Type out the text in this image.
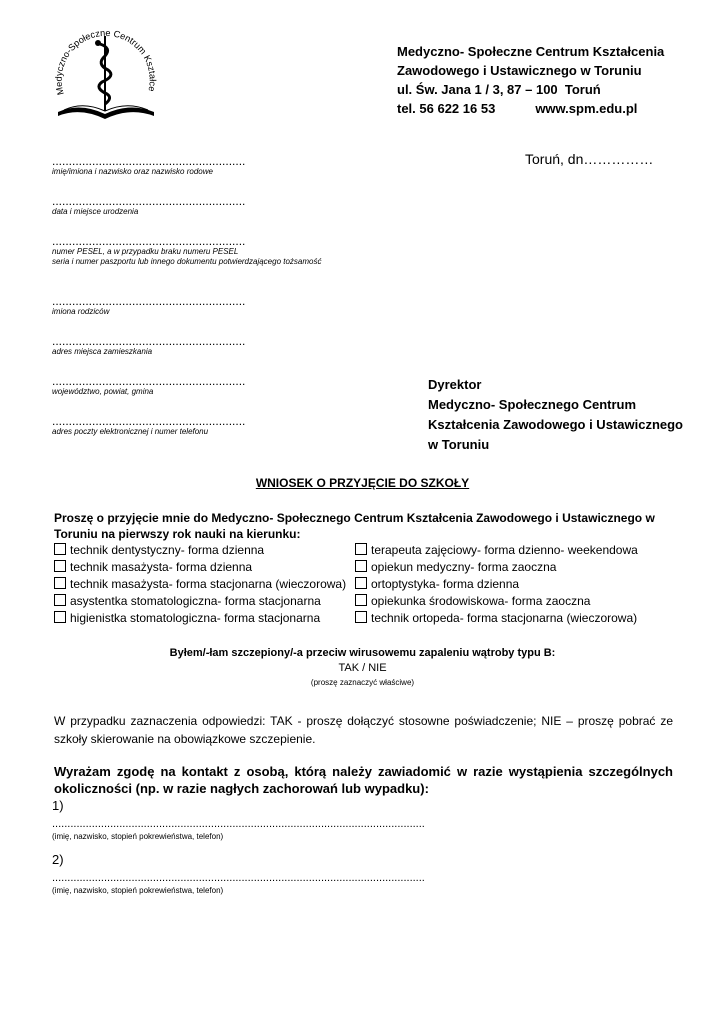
Medyczno-Społeczne Centrum Kształce
Medyczno- Społeczne Centrum Kształcenia
Zawodowego i Ustawicznego w Toruniu
ul. Św. Jana 1 / 3, 87 – 100  Toruń
tel. 56 622 16 53	www.spm.edu.pl
Toruń, dn……………
..........................................................
imię/imiona i nazwisko oraz nazwisko rodowe
..........................................................
data i miejsce urodzenia
..........................................................
numer PESEL, a w przypadku braku numeru PESEL
seria i numer paszportu lub innego dokumentu potwierdzającego tożsamość
..........................................................
imiona rodziców
..........................................................
adres miejsca zamieszkania
..........................................................
województwo, powiat, gmina
..........................................................
adres poczty elektronicznej i numer telefonu
Dyrektor
Medyczno- Społecznego Centrum
Kształcenia Zawodowego i Ustawicznego
w Toruniu
WNIOSEK O PRZYJĘCIE DO SZKOŁY
Proszę o przyjęcie mnie do Medyczno- Społecznego Centrum Kształcenia Zawodowego i Ustawicznego w Toruniu na pierwszy rok nauki na kierunku:
technik dentystyczny- forma dzienna
technik masażysta- forma dzienna
technik masażysta- forma stacjonarna (wieczorowa)
asystentka stomatologiczna- forma stacjonarna
higienistka stomatologiczna- forma stacjonarna
terapeuta zajęciowy- forma dzienno- weekendowa
opiekun medyczny- forma zaoczna
ortoptystyka- forma dzienna
opiekunka środowiskowa- forma zaoczna
technik ortopeda- forma stacjonarna (wieczorowa)
Byłem/-łam szczepiony/-a przeciw wirusowemu zapaleniu wątroby typu B:
TAK / NIE
(proszę zaznaczyć właściwe)
W przypadku zaznaczenia odpowiedzi: TAK - proszę dołączyć stosowne poświadczenie; NIE – proszę pobrać ze szkoły skierowanie na obowiązkowe szczepienie.
Wyrażam zgodę na kontakt z osobą, którą należy zawiadomić w razie wystąpienia szczególnych okoliczności (np. w razie nagłych zachorowań lub wypadku):
1)
..........................................................................................................................
(imię, nazwisko, stopień pokrewieństwa, telefon)
2)
..........................................................................................................................
(imię, nazwisko, stopień pokrewieństwa, telefon)
